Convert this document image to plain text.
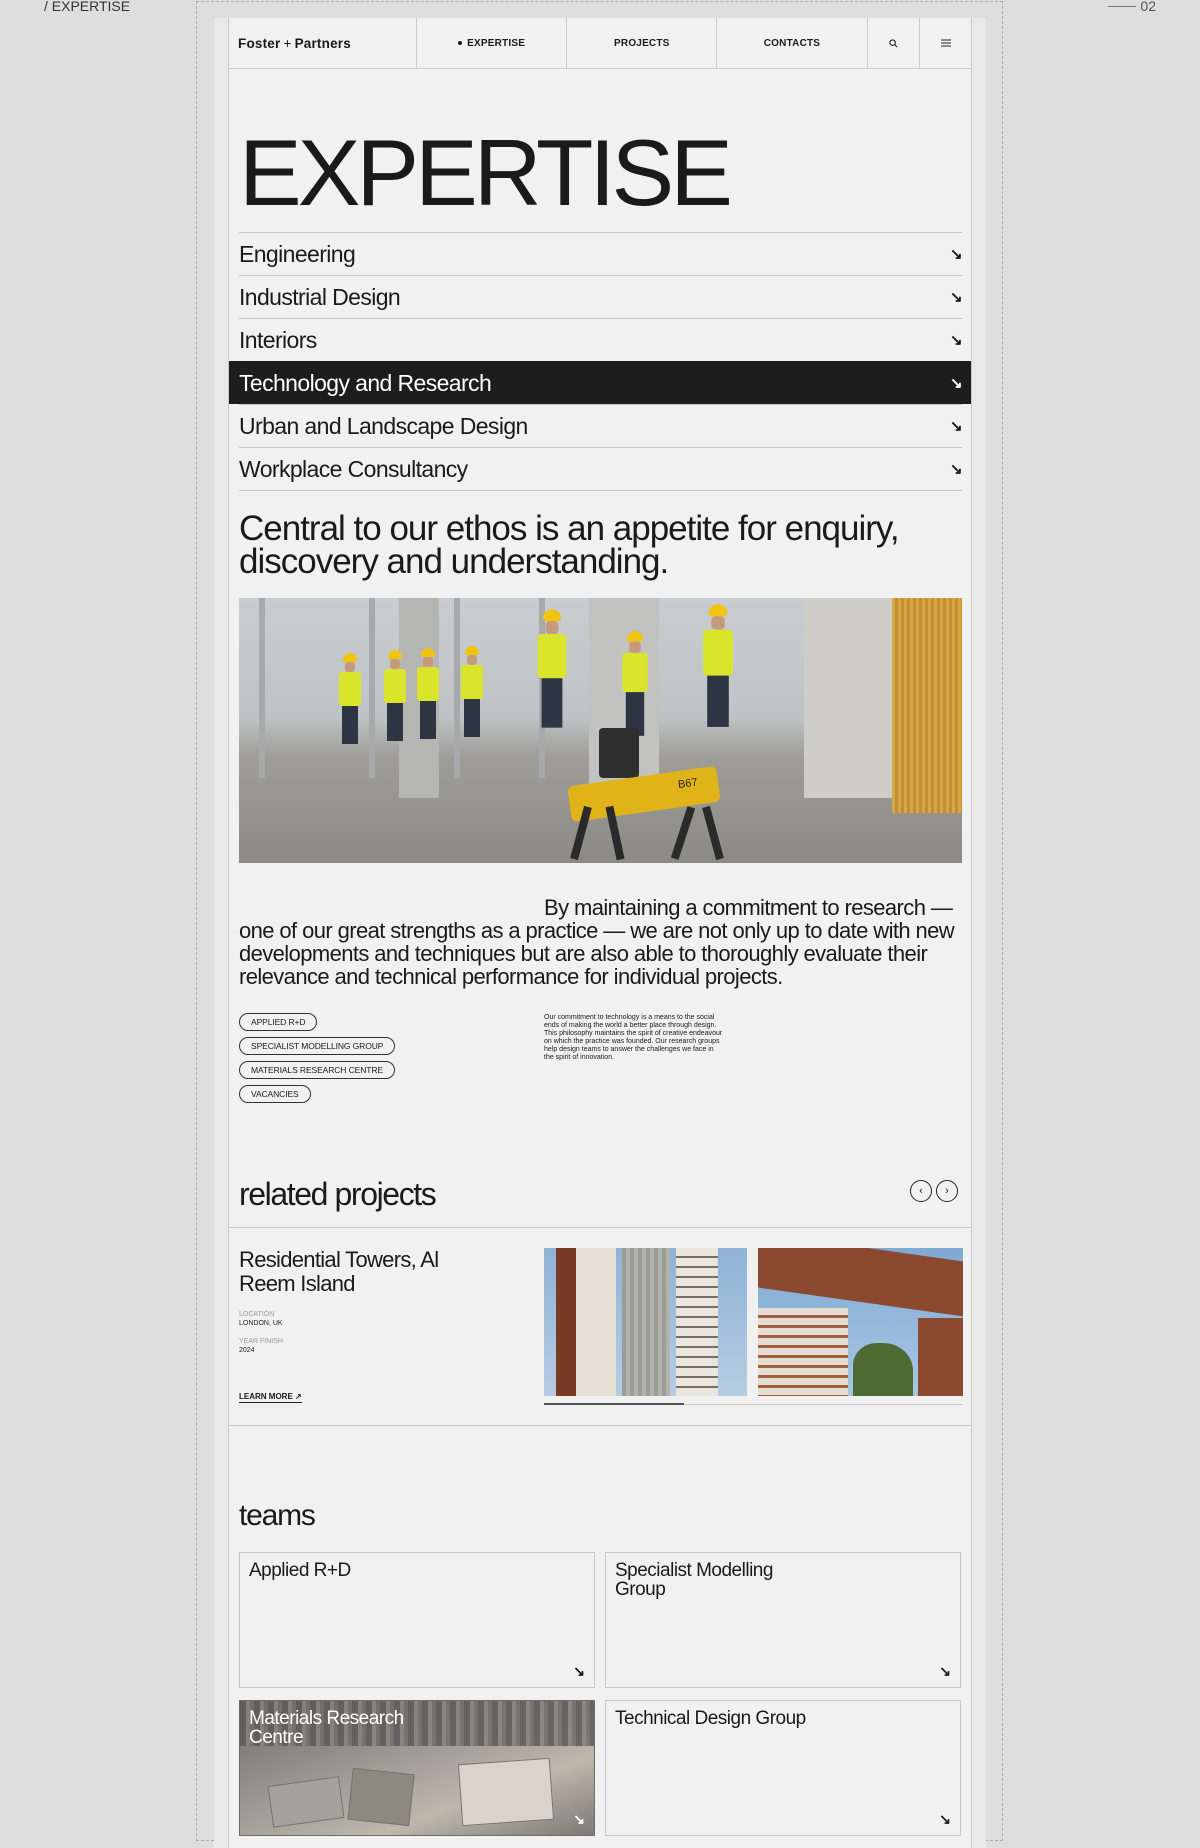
/ EXPERTISE	02
Foster + Partners	EXPERTISE	PROJECTS	CONTACTS
EXPERTISE
Engineering	↘
Industrial Design	↘
Interiors	↘
Technology and Research	↘
Urban and Landscape Design	↘
Workplace Consultancy	↘

Central to our ethos is an appetite for enquiry, discovery and understanding.

B67

By maintaining a commitment to research — one of our great strengths as a practice — we are not only up to date with new developments and techniques but are also able to thoroughly evaluate their relevance and technical performance for individual projects.

APPLIED R+D
SPECIALIST MODELLING GROUP
MATERIALS RESEARCH CENTRE
VACANCIES

Our commitment to technology is a means to the social ends of making the world a better place through design. This philosophy maintains the spirit of creative endeavour on which the practice was founded. Our research groups help design teams to answer the challenges we face in the spirit of innovation.

related projects	‹	›
Residential Towers, Al Reem Island
LOCATION
LONDON, UK
YEAR FINISH
2024
LEARN MORE ↗
teams
Applied R+D
↘
Specialist Modelling Group
↘
Materials Research Centre
↘
Technical Design Group
↘
